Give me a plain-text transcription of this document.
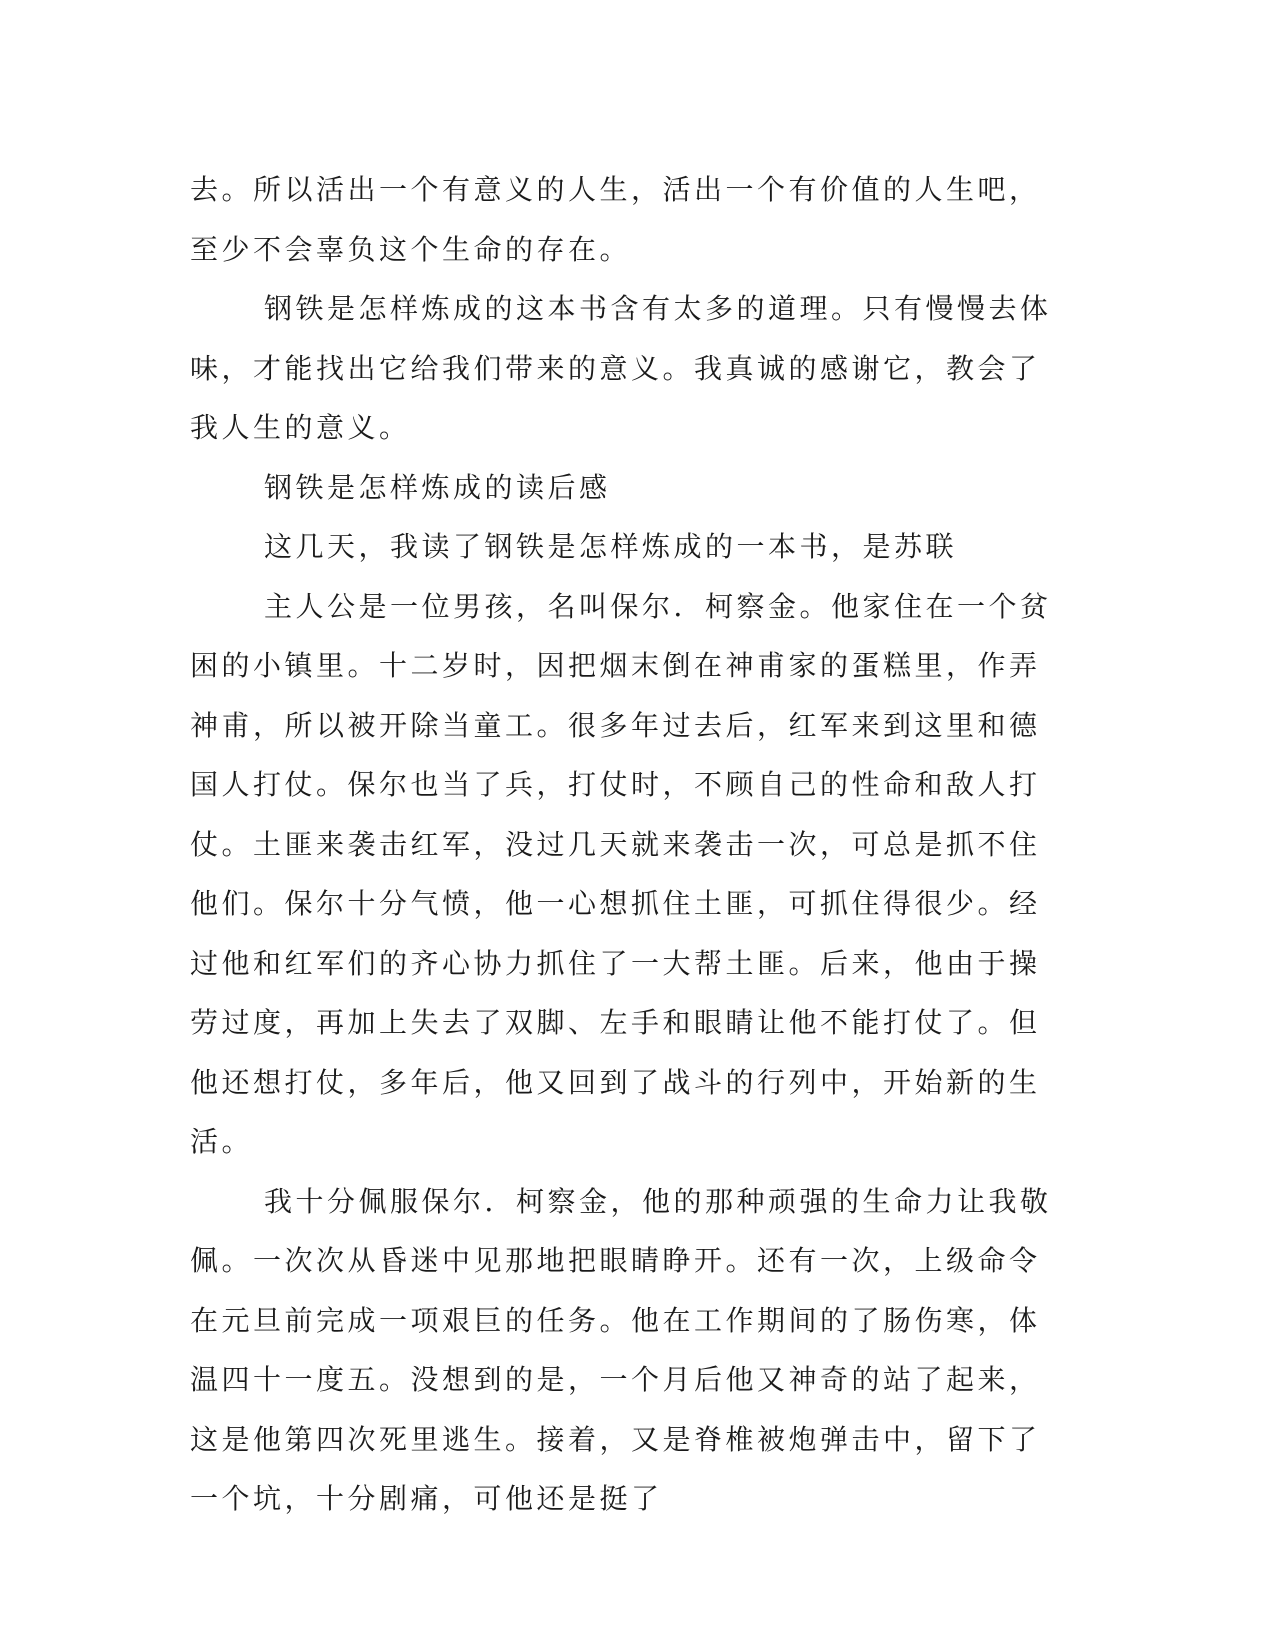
去。所以活出一个有意义的人生，活出一个有价值的人生吧，至少不会辜负这个生命的存在。

钢铁是怎样炼成的这本书含有太多的道理。只有慢慢去体味，才能找出它给我们带来的意义。我真诚的感谢它，教会了我人生的意义。

钢铁是怎样炼成的读后感

这几天，我读了钢铁是怎样炼成的一本书，是苏联

主人公是一位男孩，名叫保尔．柯察金。他家住在一个贫困的小镇里。十二岁时，因把烟末倒在神甫家的蛋糕里，作弄神甫，所以被开除当童工。很多年过去后，红军来到这里和德国人打仗。保尔也当了兵，打仗时，不顾自己的性命和敌人打仗。土匪来袭击红军，没过几天就来袭击一次，可总是抓不住他们。保尔十分气愤，他一心想抓住土匪，可抓住得很少。经过他和红军们的齐心协力抓住了一大帮土匪。后来，他由于操劳过度，再加上失去了双脚、左手和眼睛让他不能打仗了。但他还想打仗，多年后，他又回到了战斗的行列中，开始新的生活。

我十分佩服保尔．柯察金，他的那种顽强的生命力让我敬佩。一次次从昏迷中见那地把眼睛睁开。还有一次，上级命令在元旦前完成一项艰巨的任务。他在工作期间的了肠伤寒，体温四十一度五。没想到的是，一个月后他又神奇的站了起来，这是他第四次死里逃生。接着，又是脊椎被炮弹击中，留下了一个坑，十分剧痛，可他还是挺了
